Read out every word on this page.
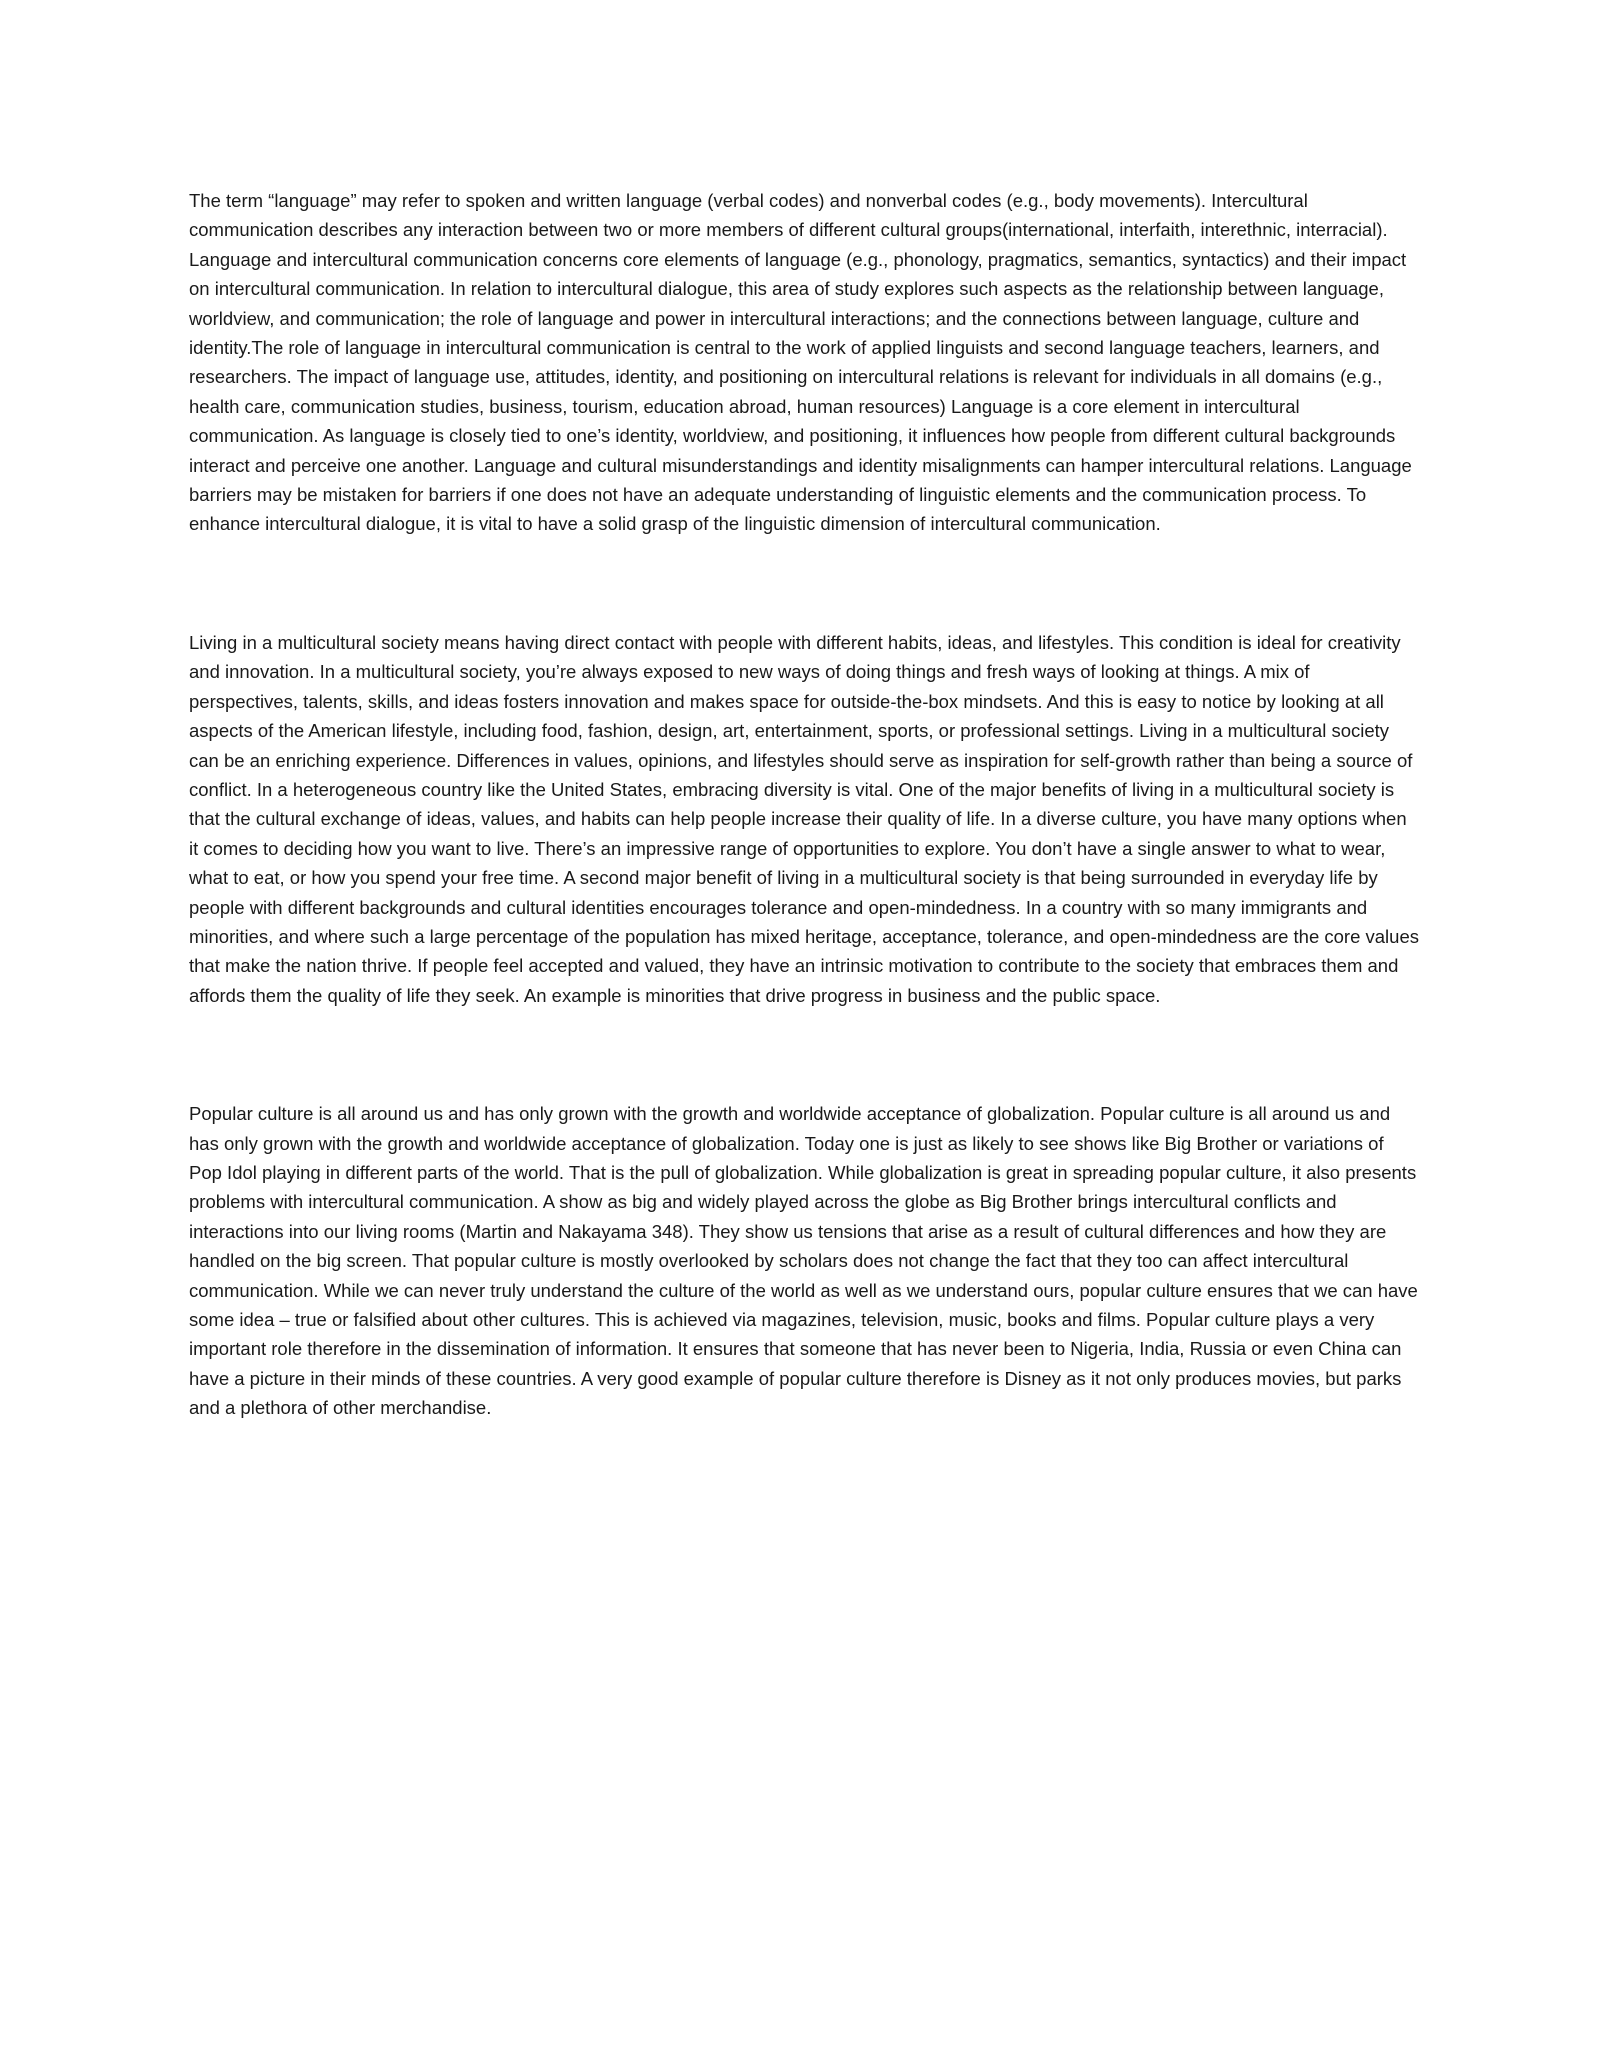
The term “language” may refer to spoken and written language (verbal codes) and nonverbal codes (e.g., body movements). Intercultural communication describes any interaction between two or more members of different cultural groups(international, interfaith, interethnic, interracial). Language and intercultural communication concerns core elements of language (e.g., phonology, pragmatics, semantics, syntactics) and their impact on intercultural communication. In relation to intercultural dialogue, this area of study explores such aspects as the relationship between language, worldview, and communication; the role of language and power in intercultural interactions; and the connections between language, culture and identity.The role of language in intercultural communication is central to the work of applied linguists and second language teachers, learners, and researchers. The impact of language use, attitudes, identity, and positioning on intercultural relations is relevant for individuals in all domains (e.g., health care, communication studies, business, tourism, education abroad, human resources) Language is a core element in intercultural communication. As language is closely tied to one’s identity, worldview, and positioning, it influences how people from different cultural backgrounds interact and perceive one another. Language and cultural misunderstandings and identity misalignments can hamper intercultural relations. Language barriers may be mistaken for barriers if one does not have an adequate understanding of linguistic elements and the communication process. To enhance intercultural dialogue, it is vital to have a solid grasp of the linguistic dimension of intercultural communication.

Living in a multicultural society means having direct contact with people with different habits, ideas, and lifestyles. This condition is ideal for creativity and innovation. In a multicultural society, you’re always exposed to new ways of doing things and fresh ways of looking at things. A mix of perspectives, talents, skills, and ideas fosters innovation and makes space for outside-the-box mindsets. And this is easy to notice by looking at all aspects of the American lifestyle, including food, fashion, design, art, entertainment, sports, or professional settings. Living in a multicultural society can be an enriching experience. Differences in values, opinions, and lifestyles should serve as inspiration for self-growth rather than being a source of conflict. In a heterogeneous country like the United States, embracing diversity is vital. One of the major benefits of living in a multicultural society is that the cultural exchange of ideas, values, and habits can help people increase their quality of life. In a diverse culture, you have many options when it comes to deciding how you want to live. There’s an impressive range of opportunities to explore. You don’t have a single answer to what to wear, what to eat, or how you spend your free time. A second major benefit of living in a multicultural society is that being surrounded in everyday life by people with different backgrounds and cultural identities encourages tolerance and open-mindedness. In a country with so many immigrants and minorities, and where such a large percentage of the population has mixed heritage, acceptance, tolerance, and open-mindedness are the core values that make the nation thrive. If people feel accepted and valued, they have an intrinsic motivation to contribute to the society that embraces them and affords them the quality of life they seek. An example is minorities that drive progress in business and the public space.

Popular culture is all around us and has only grown with the growth and worldwide acceptance of globalization. Popular culture is all around us and has only grown with the growth and worldwide acceptance of globalization. Today one is just as likely to see shows like Big Brother or variations of Pop Idol playing in different parts of the world. That is the pull of globalization. While globalization is great in spreading popular culture, it also presents problems with intercultural communication. A show as big and widely played across the globe as Big Brother brings intercultural conflicts and interactions into our living rooms (Martin and Nakayama 348). They show us tensions that arise as a result of cultural differences and how they are handled on the big screen. That popular culture is mostly overlooked by scholars does not change the fact that they too can affect intercultural communication. While we can never truly understand the culture of the world as well as we understand ours, popular culture ensures that we can have some idea – true or falsified about other cultures. This is achieved via magazines, television, music, books and films. Popular culture plays a very important role therefore in the dissemination of information. It ensures that someone that has never been to Nigeria, India, Russia or even China can have a picture in their minds of these countries. A very good example of popular culture therefore is Disney as it not only produces movies, but parks and a plethora of other merchandise.
